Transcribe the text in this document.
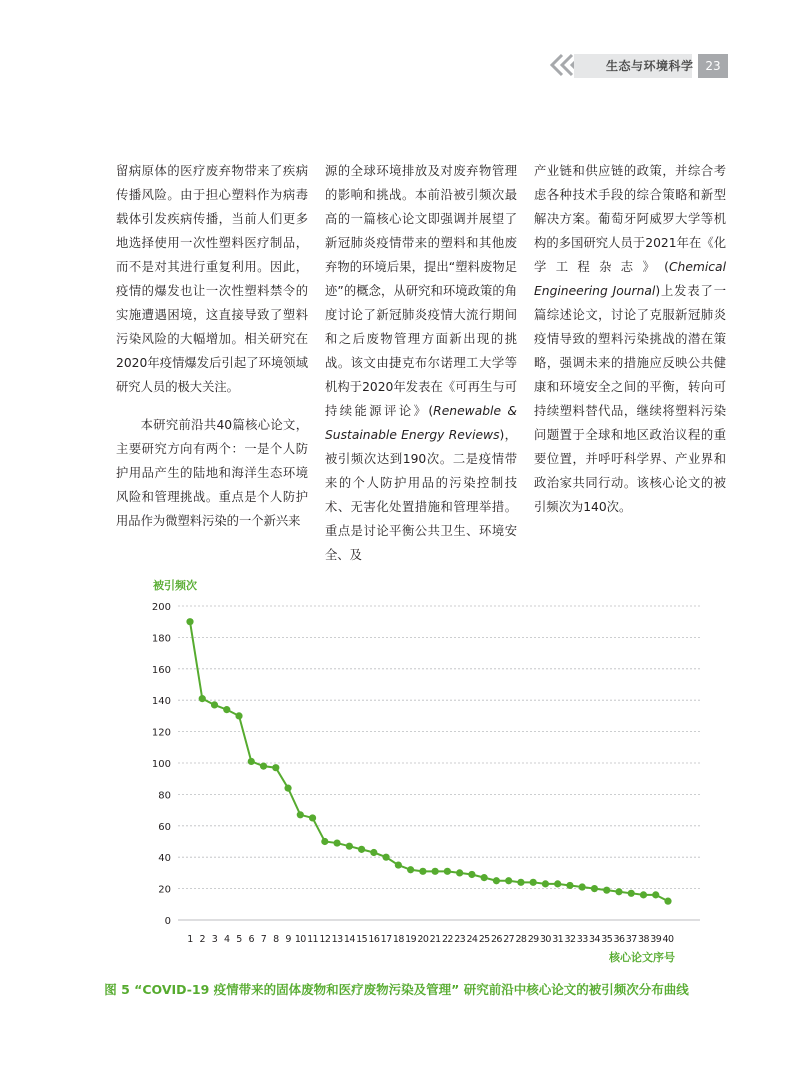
生态与环境科学 23

留病原体的医疗废弃物带来了疾病传播风险。由于担心塑料作为病毒载体引发疾病传播，当前人们更多地选择使用一次性塑料医疗制品，而不是对其进行重复利用。因此，疫情的爆发也让一次性塑料禁令的实施遭遇困境，这直接导致了塑料污染风险的大幅增加。相关研究在2020年疫情爆发后引起了环境领域研究人员的极大关注。

本研究前沿共40篇核心论文，主要研究方向有两个：一是个人防护用品产生的陆地和海洋生态环境风险和管理挑战。重点是个人防护用品作为微塑料污染的一个新兴来

源的全球环境排放及对废弃物管理的影响和挑战。本前沿被引频次最高的一篇核心论文即强调并展望了新冠肺炎疫情带来的塑料和其他废弃物的环境后果，提出“塑料废物足迹”的概念，从研究和环境政策的角度讨论了新冠肺炎疫情大流行期间和之后废物管理方面新出现的挑战。该文由捷克布尔诺理工大学等机构于2020年发表在《可再生与可持续能源评论》(Renewable & Sustainable Energy Reviews)，被引频次达到190次。二是疫情带来的个人防护用品的污染控制技术、无害化处置措施和管理举措。重点是讨论平衡公共卫生、环境安全、及

产业链和供应链的政策，并综合考虑各种技术手段的综合策略和新型解决方案。葡萄牙阿威罗大学等机构的多国研究人员于2021年在《化学工程杂志》(Chemical Engineering Journal)上发表了一篇综述论文，讨论了克服新冠肺炎疫情导致的塑料污染挑战的潜在策略，强调未来的措施应反映公共健康和环境安全之间的平衡，转向可持续塑料替代品，继续将塑料污染问题置于全球和地区政治议程的重要位置，并呼吁科学界、产业界和政治家共同行动。该核心论文的被引频次为140次。

被引频次
0
20
40
60
80
100
120
140
160
180
200
1 2 3 4 5 6 7 8 9 10 11 12 13 14 15 16 17 18 19 20 21 22 23 24 25 26 27 28 29 30 31 32 33 34 35 36 37 38 39 40
核心论文序号
图 5 “COVID-19 疫情带来的固体废物和医疗废物污染及管理” 研究前沿中核心论文的被引频次分布曲线
